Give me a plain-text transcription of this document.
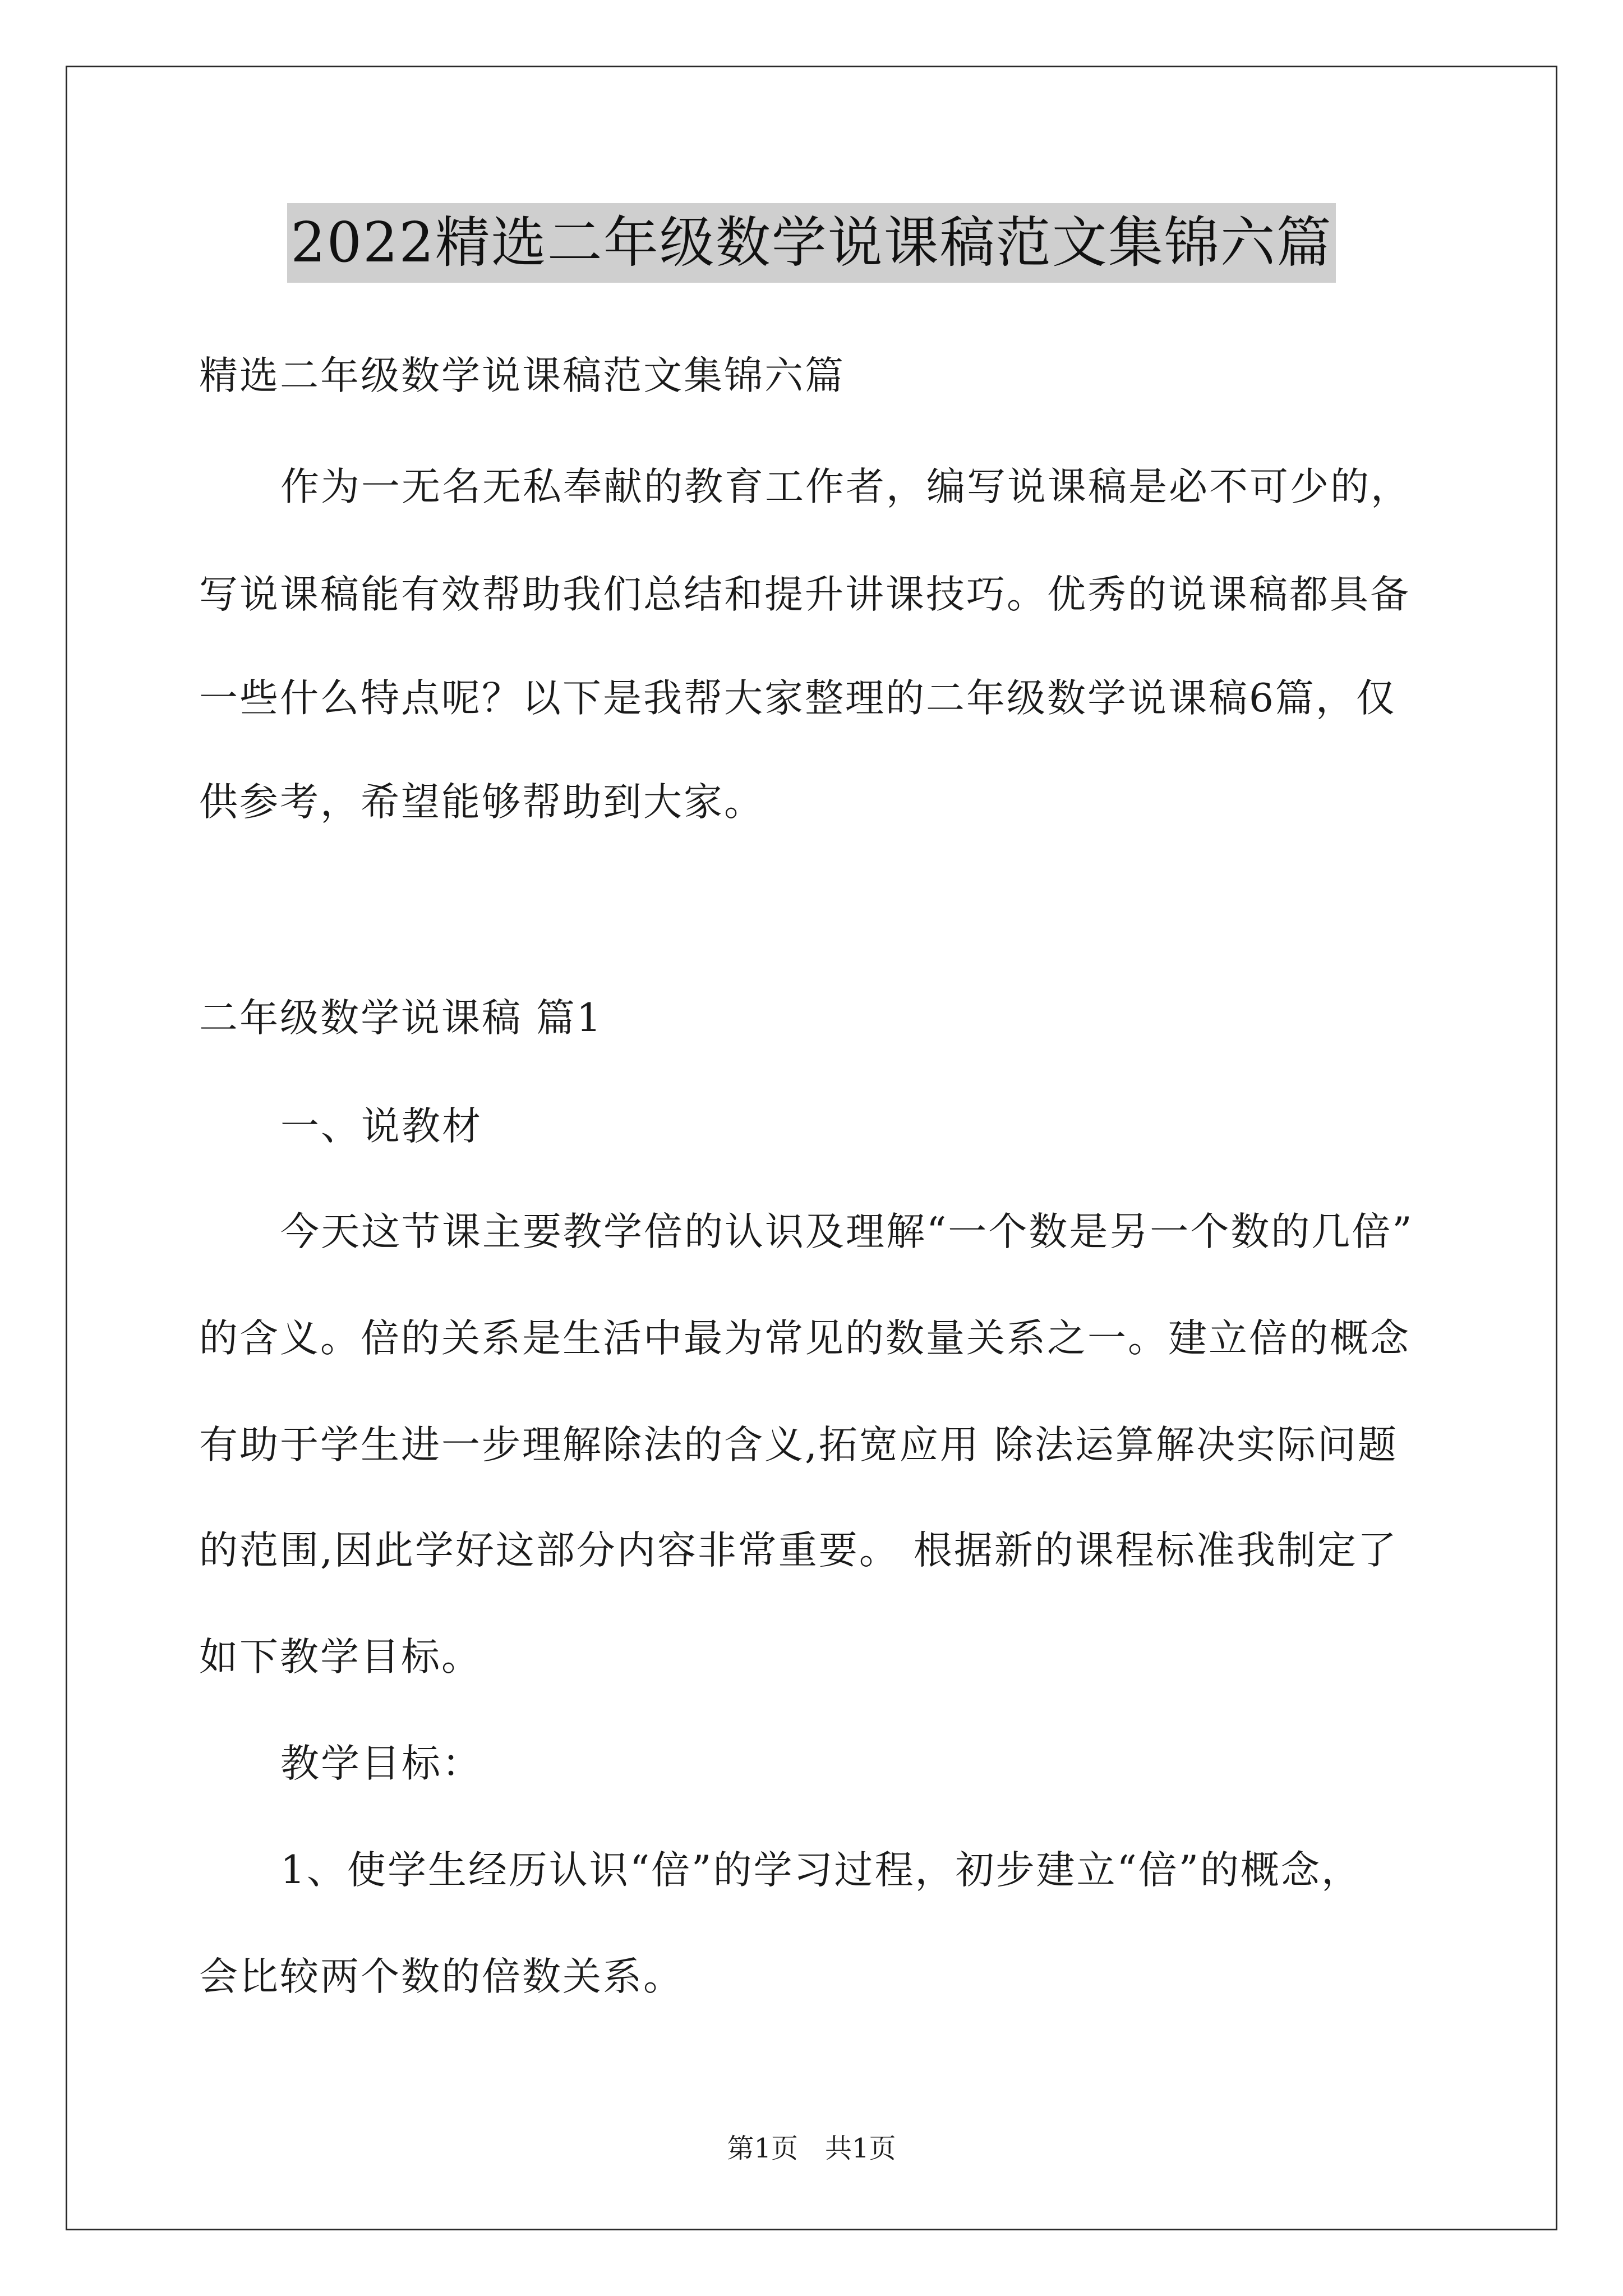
2022精选二年级数学说课稿范文集锦六篇
精选二年级数学说课稿范文集锦六篇
作为一无名无私奉献的教育工作者，编写说课稿是必不可少的，
写说课稿能有效帮助我们总结和提升讲课技巧。优秀的说课稿都具备
一些什么特点呢？以下是我帮大家整理的二年级数学说课稿6篇，仅
供参考，希望能够帮助到大家。
二年级数学说课稿 篇1
一、说教材
今天这节课主要教学倍的认识及理解“一个数是另一个数的几倍”
的含义。倍的关系是生活中最为常见的数量关系之一。建立倍的概念
有助于学生进一步理解除法的含义,拓宽应用 除法运算解决实际问题
的范围,因此学好这部分内容非常重要。 根据新的课程标准我制定了
如下教学目标。
教学目标：
1、使学生经历认识“倍”的学习过程，初步建立“倍”的概念，
会比较两个数的倍数关系。
第1页 共1页
